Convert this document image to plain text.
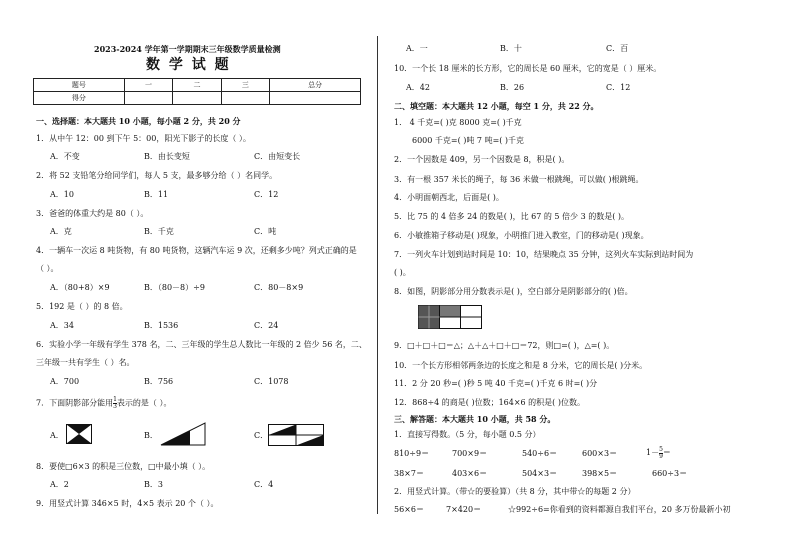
2023-2024 学年第一学期期末三年级数学质量检测
数 学 试 题
题号	一	二	三	总分
得分				
一、选择题：本大题共 10 小题，每小题 2 分，共 20 分
1．从中午 12：00 到下午 5：00，阳光下影子的长度（ ）。
A．不变	B．由长变短	C．由短变长
2．将 52 支铅笔分给同学们，每人 5 支，最多够分给（ ）名同学。
A．10	B．11	C．12
3．爸爸的体重大约是 80（ ）。
A．克	B．千克	C．吨
4．一辆车一次运 8 吨货物，有 80 吨货物，这辆汽车运 9 次，还剩多少吨？列式正确的是
（ ）。
A．（80+8）×9	B．（80－8）÷9	C．80－8×9
5．192 是（ ）的 8 倍。
A．34	B．1536	C．24
6．实验小学一年级有学生 378 名，二、三年级的学生总人数比一年级的 2 倍少 56 名，二、
三年级一共有学生（ ）名。
A．700	B．756	C．1078
7．下面阴影部分能用 $\frac{1}{3}$ 表示的是（ ）。
A．	B．	C．
8．要使□6×3 的积是三位数，□中最小填（ ）。
A．2	B．3	C．4
9．用竖式计算 346×5 时，4×5 表示 20 个（ ）。
A．一	B．十	C．百
10．一个长 18 厘米的长方形，它的周长是 60 厘米，它的宽是（ ）厘米。
A．42	B．26	C．12
二、填空题：本大题共 12 小题，每空 1 分，共 22 分。
1． 4 千克=( )克 8000 克=( )千克
6000 千克=( )吨 7 吨=( )千克
2．一个因数是 409，另一个因数是 8，积是( )。
3．有一根 357 米长的绳子，每 36 米做一根跳绳，可以做( )根跳绳。
4．小明面朝西北，后面是( )。
5．比 75 的 4 倍多 24 的数是( )，比 67 的 5 倍少 3 的数是( )。
6．小敏推箱子移动是( )现象，小明推门进入教室，门的移动是( )现象。
7．一列火车计划到站时间是 10：10，结果晚点 35 分钟，这列火车实际到站时间为
( )。
8．如图，阴影部分用分数表示是( )，空白部分是阴影部分的( )倍。
9．□＋□＋□＝△；△＋△＋□＋□＝72，则□=( )，△=( )。
10．一个长方形相邻两条边的长度之和是 8 分米，它的周长是( )分米。
11．2 分 20 秒=( )秒 5 吨 40 千克=( )千克 6 时=( )分
12．868÷4 的商是( )位数；164×6 的积是( )位数。
三、解答题：本大题共 10 小题，共 58 分。
1．直接写得数。（5 分，每小题 0.5 分）
810÷9＝	700×9＝	540÷6＝	600×3＝	$1- \frac{5}{9}$ ＝
38×7＝	403×6＝	504×3＝	398×5＝	660÷3＝
2．用竖式计算。（带☆的要验算）（共 8 分，其中带☆的每题 2 分）
56×6＝	7×420＝	☆992÷6=你看到的资料都源自我们平台，20 多万份最新小初
